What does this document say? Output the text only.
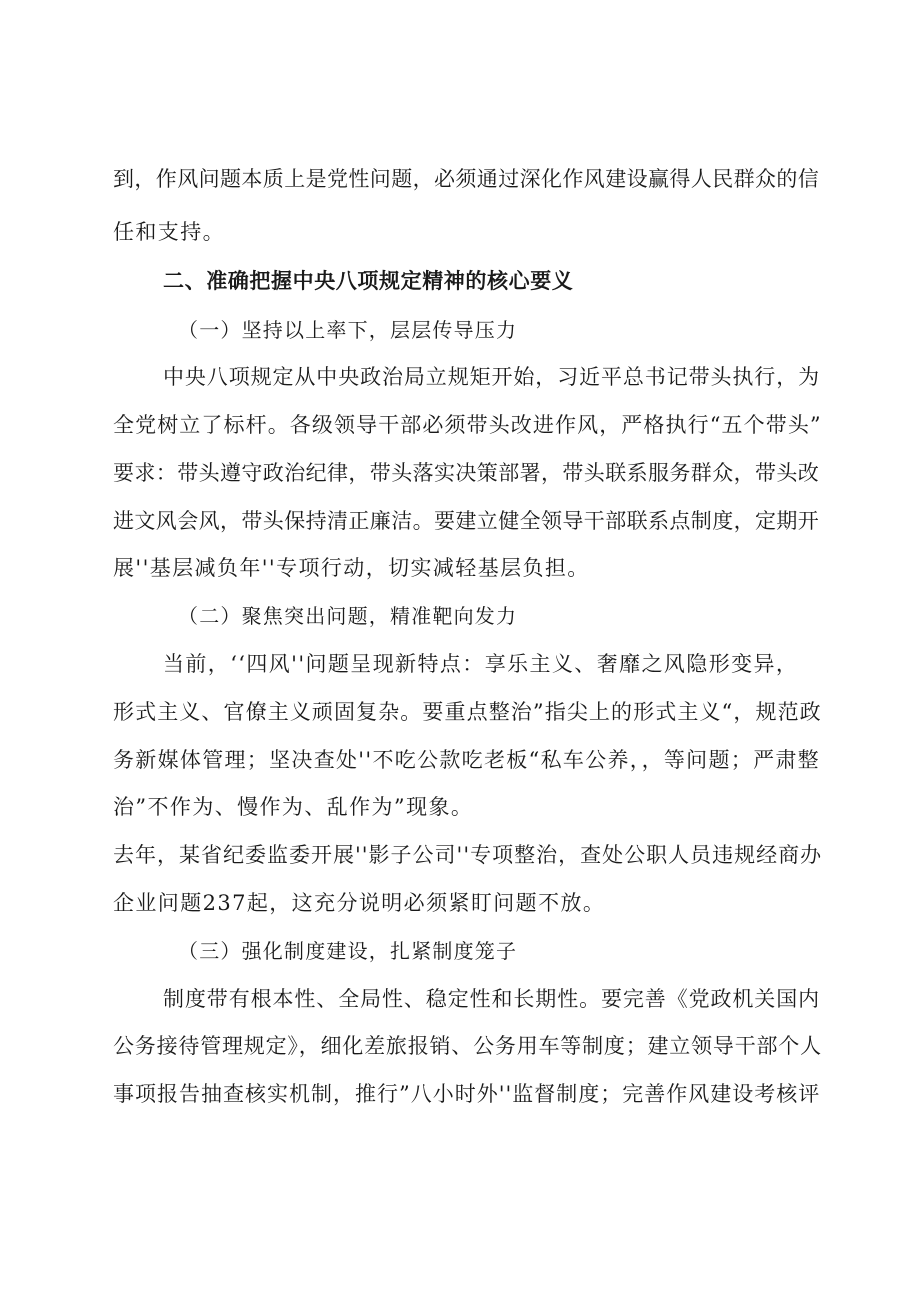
到，作风问题本质上是党性问题，必须通过深化作风建设赢得人民群众的信

任和支持。

二、准确把握中央八项规定精神的核心要义

（一）坚持以上率下，层层传导压力

中央八项规定从中央政治局立规矩开始，习近平总书记带头执行，为

全党树立了标杆。各级领导干部必须带头改进作风，严格执行“五个带头”

要求：带头遵守政治纪律，带头落实决策部署，带头联系服务群众，带头改

进文风会风，带头保持清正廉洁。要建立健全领导干部联系点制度，定期开

展''基层减负年''专项行动，切实减轻基层负担。

（二）聚焦突出问题，精准靶向发力

当前，‘‘四风''问题呈现新特点：享乐主义、奢靡之风隐形变异，

形式主义、官僚主义顽固复杂。要重点整治”指尖上的形式主义“，规范政

务新媒体管理；坚决查处''不吃公款吃老板“私车公养，，等问题；严肃整

治”不作为、慢作为、乱作为”现象。

去年，某省纪委监委开展''影子公司''专项整治，查处公职人员违规经商办

企业问题237起，这充分说明必须紧盯问题不放。

（三）强化制度建设，扎紧制度笼子

制度带有根本性、全局性、稳定性和长期性。要完善《党政机关国内

公务接待管理规定》，细化差旅报销、公务用车等制度；建立领导干部个人

事项报告抽查核实机制，推行”八小时外''监督制度；完善作风建设考核评
